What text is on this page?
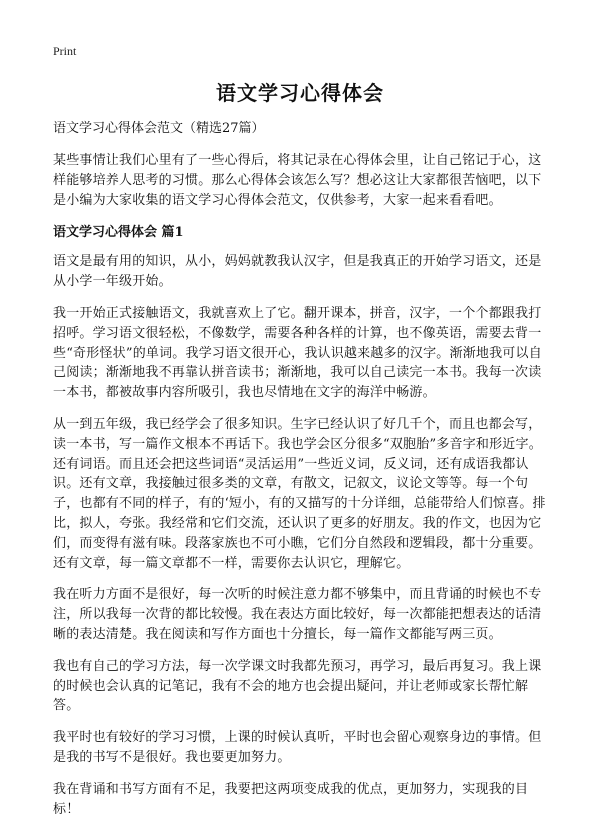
Print
语文学习心得体会

语文学习心得体会范文（精选27篇）

某些事情让我们心里有了一些心得后，将其记录在心得体会里，让自己铭记于心，这样能够培养人思考的习惯。那么心得体会该怎么写？想必这让大家都很苦恼吧，以下是小编为大家收集的语文学习心得体会范文，仅供参考，大家一起来看看吧。

语文学习心得体会 篇1

语文是最有用的知识，从小，妈妈就教我认汉字，但是我真正的开始学习语文，还是从小学一年级开始。

我一开始正式接触语文，我就喜欢上了它。翻开课本，拼音，汉字，一个个都跟我打招呼。学习语文很轻松，不像数学，需要各种各样的计算，也不像英语，需要去背一些“奇形怪状”的单词。我学习语文很开心，我认识越来越多的汉字。渐渐地我可以自己阅读；渐渐地我不再靠认拼音读书；渐渐地，我可以自己读完一本书。我每一次读一本书，都被故事内容所吸引，我也尽情地在文字的海洋中畅游。

从一到五年级，我已经学会了很多知识。生字已经认识了好几千个，而且也都会写，读一本书，写一篇作文根本不再话下。我也学会区分很多“双胞胎”多音字和形近字。还有词语。而且还会把这些词语“灵活运用”一些近义词，反义词，还有成语我都认识。还有文章，我接触过很多类的文章，有散文，记叙文，议论文等等。每一个句子，也都有不同的样子，有的‘短小，有的又描写的十分详细，总能带给人们惊喜。排比，拟人，夸张。我经常和它们交流，还认识了更多的好朋友。我的作文，也因为它们，而变得有滋有味。段落家族也不可小瞧，它们分自然段和逻辑段，都十分重要。还有文章，每一篇文章都不一样，需要你去认识它，理解它。

我在听力方面不是很好，每一次听的时候注意力都不够集中，而且背诵的时候也不专注，所以我每一次背的都比较慢。我在表达方面比较好，每一次都能把想表达的话清晰的表达清楚。我在阅读和写作方面也十分擅长，每一篇作文都能写两三页。

我也有自己的学习方法，每一次学课文时我都先预习，再学习，最后再复习。我上课的时候也会认真的记笔记，我有不会的地方也会提出疑问，并让老师或家长帮忙解答。

我平时也有较好的学习习惯，上课的时候认真听，平时也会留心观察身边的事情。但是我的书写不是很好。我也要更加努力。

我在背诵和书写方面有不足，我要把这两项变成我的优点，更加努力，实现我的目标！
